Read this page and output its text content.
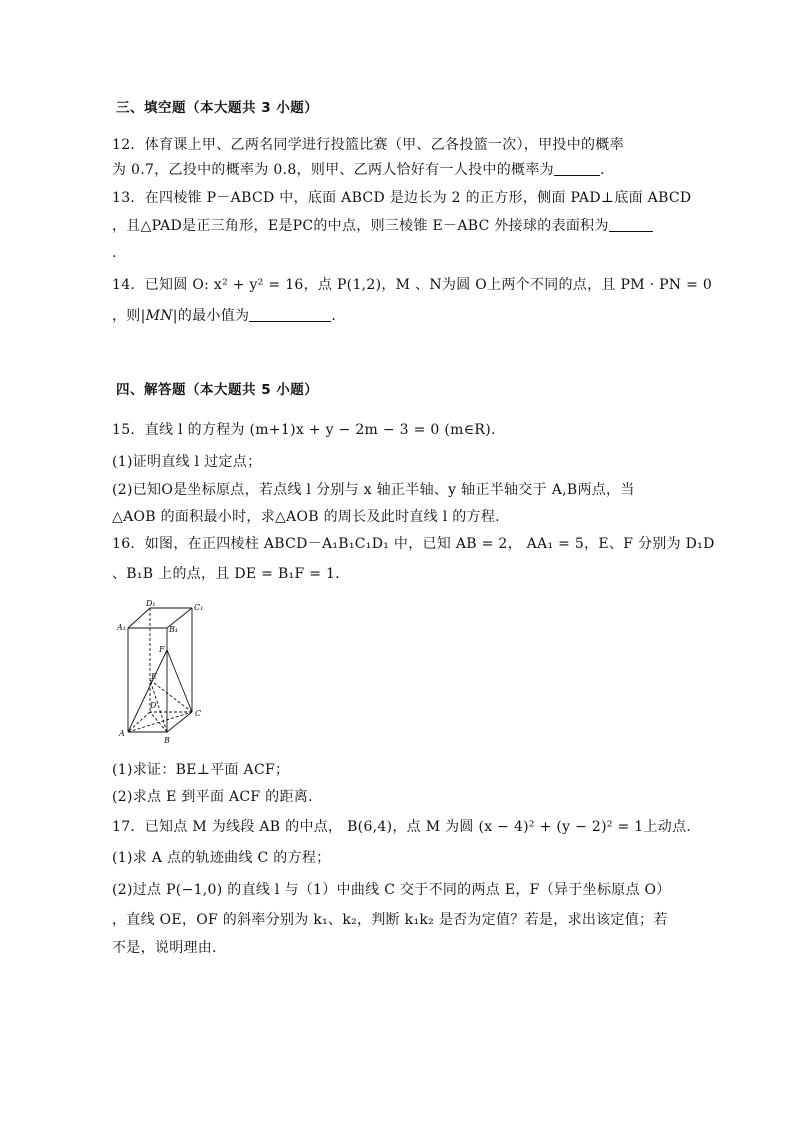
三、填空题（本大题共 3 小题）
12．体育课上甲、乙两名同学进行投篮比赛（甲、乙各投篮一次），甲投中的概率
为 0.7，乙投中的概率为 0.8，则甲、乙两人恰好有一人投中的概率为	.
13．在四棱锥 P－ABCD 中，底面 ABCD 是边长为 2 的正方形，侧面 PAD⊥底面 ABCD
，且△PAD是正三角形，E是PC的中点，则三棱锥 E－ABC 外接球的表面积为
.
14．已知圆 O: x² + y² = 16，点 P(1,2)，M 、N为圆 O上两个不同的点，且 PM · PN = 0
，则|MN|的最小值为	.
四、解答题（本大题共 5 小题）
15．直线 l 的方程为 (m+1)x + y − 2m − 3 = 0 (m∈R).
(1)证明直线 l 过定点；
(2)已知O是坐标原点，若点线 l 分别与 x 轴正半轴、y 轴正半轴交于 A,B两点，当
△AOB 的面积最小时，求△AOB 的周长及此时直线 l 的方程.
16．如图，在正四棱柱 ABCD－A₁B₁C₁D₁ 中，已知 AB = 2， AA₁ = 5，E、F 分别为 D₁D
、B₁B 上的点，且 DE = B₁F = 1．
D₁	C₁
A₁	B₁
F
E
D
C
A
B
(1)求证：BE⊥平面 ACF；
(2)求点 E 到平面 ACF 的距离．
17．已知点 M 为线段 AB 的中点， B(6,4)，点 M 为圆 (x − 4)² + (y − 2)² = 1上动点．
(1)求 A 点的轨迹曲线 C 的方程；
(2)过点 P(−1,0) 的直线 l 与（1）中曲线 C 交于不同的两点 E，F（异于坐标原点 O）
，直线 OE，OF 的斜率分别为 k₁、k₂，判断 k₁k₂ 是否为定值？若是，求出该定值；若
不是，说明理由．
